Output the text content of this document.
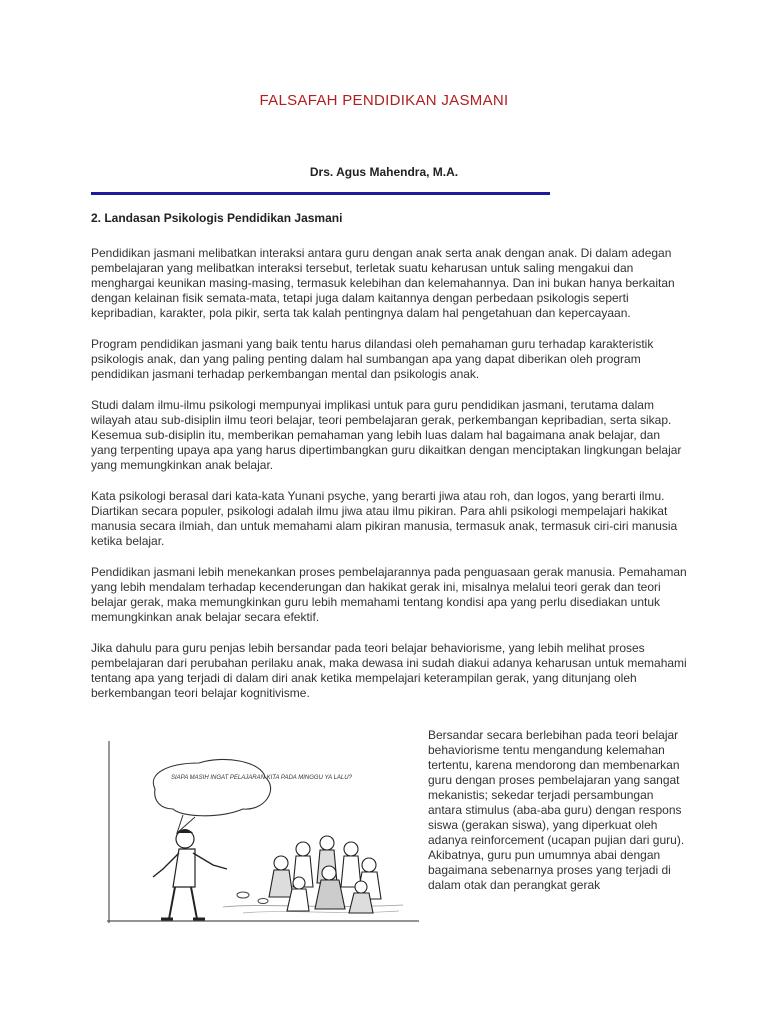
FALSAFAH PENDIDIKAN JASMANI
Drs. Agus Mahendra, M.A.
2. Landasan Psikologis Pendidikan Jasmani

Pendidikan jasmani melibatkan interaksi antara guru dengan anak serta anak dengan anak. Di dalam adegan pembelajaran yang melibatkan interaksi tersebut, terletak suatu keharusan untuk saling mengakui dan menghargai keunikan masing-masing, termasuk kelebihan dan kelemahannya. Dan ini bukan hanya berkaitan dengan kelainan fisik semata-mata, tetapi juga dalam kaitannya dengan perbedaan psikologis seperti kepribadian, karakter, pola pikir, serta tak kalah pentingnya dalam hal pengetahuan dan kepercayaan.

Program pendidikan jasmani yang baik tentu harus dilandasi oleh pemahaman guru terhadap karakteristik psikologis anak, dan yang paling penting dalam hal sumbangan apa yang dapat diberikan oleh program pendidikan jasmani terhadap perkembangan mental dan psikologis anak.

Studi dalam ilmu-ilmu psikologi mempunyai implikasi untuk para guru pendidikan jasmani, terutama dalam wilayah atau sub-disiplin ilmu teori belajar, teori pembelajaran gerak, perkembangan kepribadian, serta sikap. Kesemua sub-disiplin itu, memberikan pemahaman yang lebih luas dalam hal bagaimana anak belajar, dan yang terpenting upaya apa yang harus dipertimbangkan guru dikaitkan dengan menciptakan lingkungan belajar yang memungkinkan anak belajar.

Kata psikologi berasal dari kata-kata Yunani psyche, yang berarti jiwa atau roh, dan logos, yang berarti ilmu. Diartikan secara populer, psikologi adalah ilmu jiwa atau ilmu pikiran. Para ahli psikologi mempelajari hakikat manusia secara ilmiah, dan untuk memahami alam pikiran manusia, termasuk anak, termasuk ciri-ciri manusia ketika belajar.

Pendidikan jasmani lebih menekankan proses pembelajarannya pada penguasaan gerak manusia. Pemahaman yang lebih mendalam terhadap kecenderungan dan hakikat gerak ini, misalnya melalui teori gerak dan teori belajar gerak, maka memungkinkan guru lebih memahami tentang kondisi apa yang perlu disediakan untuk memungkinkan anak belajar secara efektif.

Jika dahulu para guru penjas lebih bersandar pada teori belajar behaviorisme, yang lebih melihat proses pembelajaran dari perubahan perilaku anak, maka dewasa ini sudah diakui adanya keharusan untuk memahami tentang apa yang terjadi di dalam diri anak ketika mempelajari keterampilan gerak, yang ditunjang oleh berkembangan teori belajar kognitivisme.

SIAPA MASIH INGAT PELAJARAN KITA PADA MINGGU YA LALU?

Bersandar secara berlebihan pada teori belajar behaviorisme tentu mengandung kelemahan tertentu, karena mendorong dan membenarkan guru dengan proses pembelajaran yang sangat mekanistis; sekedar terjadi persambungan antara stimulus (aba-aba guru) dengan respons siswa (gerakan siswa), yang diperkuat oleh adanya reinforcement (ucapan pujian dari guru). Akibatnya, guru pun umumnya abai dengan bagaimana sebenarnya proses yang terjadi di dalam otak dan perangkat gerak
